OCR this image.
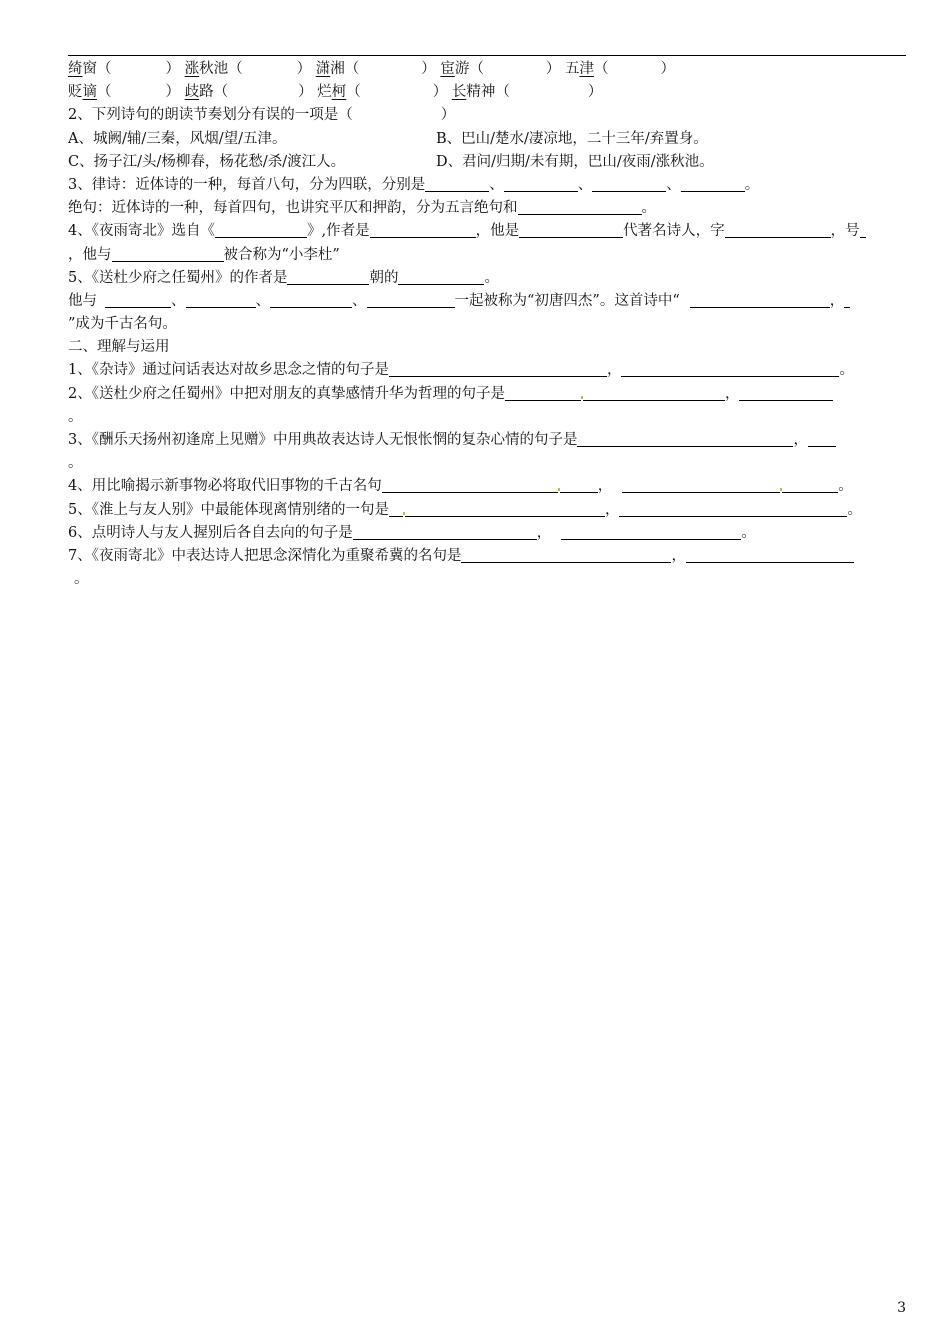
绮窗（	） 涨秋池（	） 潇湘（	） 宦游（	） 五津（	）
贬谪（	） 歧路（	） 烂柯（	） 长精神（	）
2、下列诗句的朗读节奏划分有误的一项是（	）
A、城阙/辅/三秦，风烟/望/五津。	B、巴山/楚水/凄凉地，二十三年/弃置身。
C、扬子江/头/杨柳春，杨花愁/杀/渡江人。	D、君问/归期/未有期，巴山/夜雨/涨秋池。
3、律诗：近体诗的一种，每首八句，分为四联，分别是	、	、	、	。
绝句：近体诗的一种，每首四句，也讲究平仄和押韵，分为五言绝句和	。
4、《夜雨寄北》选自《	》,作者是	，他是	代著名诗人，字	，号
，他与	被合称为“小李杜”
5、《送杜少府之任蜀州》的作者是	朝的	。
他与	、	、	、	一起被称为“初唐四杰”。这首诗中“	，
”成为千古名句。
二、理解与运用
1、《杂诗》通过问话表达对故乡思念之情的句子是	，	。
2、《送杜少府之任蜀州》中把对朋友的真挚感情升华为哲理的句子是	，
。
3、《酬乐天扬州初逢席上见赠》中用典故表达诗人无恨怅惘的复杂心情的句子是	，
。
4、用比喻揭示新事物必将取代旧事物的千古名句	，	。
5、《淮上与友人别》中最能体现离情别绪的一句是	，	。
6、点明诗人与友人握别后各自去向的句子是	，	。
7、《夜雨寄北》中表达诗人把思念深情化为重聚希冀的名句是	，
。
3
